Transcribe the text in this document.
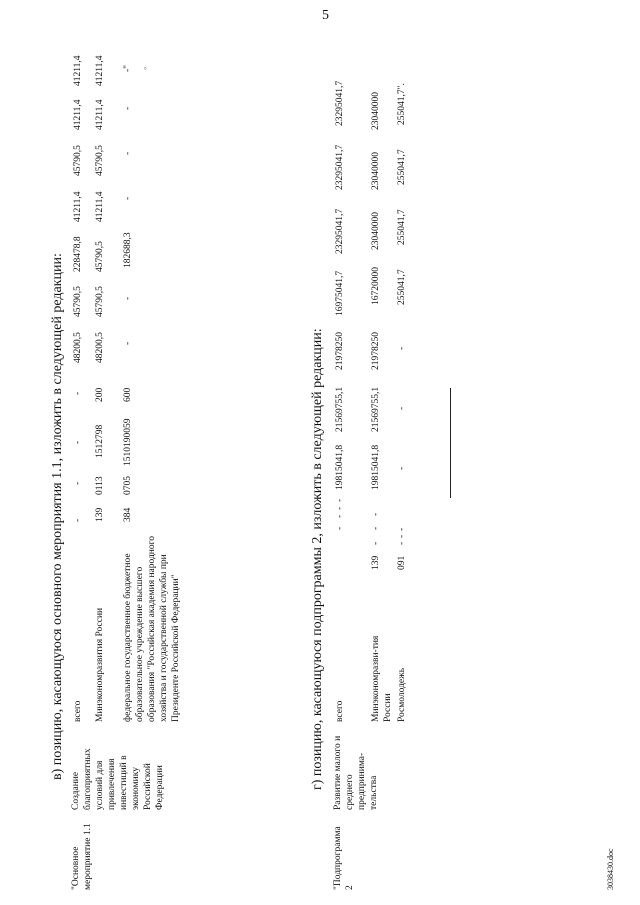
5
в) позицию, касающуюся основного мероприятия 1.1, изложить в следующей редакции:
"Основное мероприятие 1.1
Создание благоприятных условий для привлечения инвестиций в экономику Российской Федерации
всего
-
-
-
-
48200,5
45790,5
228478,8
41211,4
45790,5
41211,4
41211,4
Минэкономразвития России
139
0113
1512798
200
48200,5
45790,5
45790,5
41211,4
45790,5
41211,4
41211,4
федеральное государственное бюджетное образовательное учреждение высшего образования "Российская академия народного хозяйства и государственной службы при Президенте Российской Федерации"
384
0705
1510190059
600
-
-
182688,3
-
-
-
-" ◦
г) позицию, касающуюся подпрограммы 2, изложить в следующей редакции:
"Подпрограмма 2
Развитие малого и среднего предпринима-тельства
всего
-
-
-
-
19815041,8
21569755,1
21978250
16975041,7
23295041,7
23295041,7
23295041,7
Минэкономразви-тия России
139
-
-
-
19815041,8
21569755,1
21978250
16720000
23040000
23040000
23040000
Росмолодежь
091
-
-
-
-
-
-
255041,7
255041,7
255041,7
255041,7".
3038430.doc
